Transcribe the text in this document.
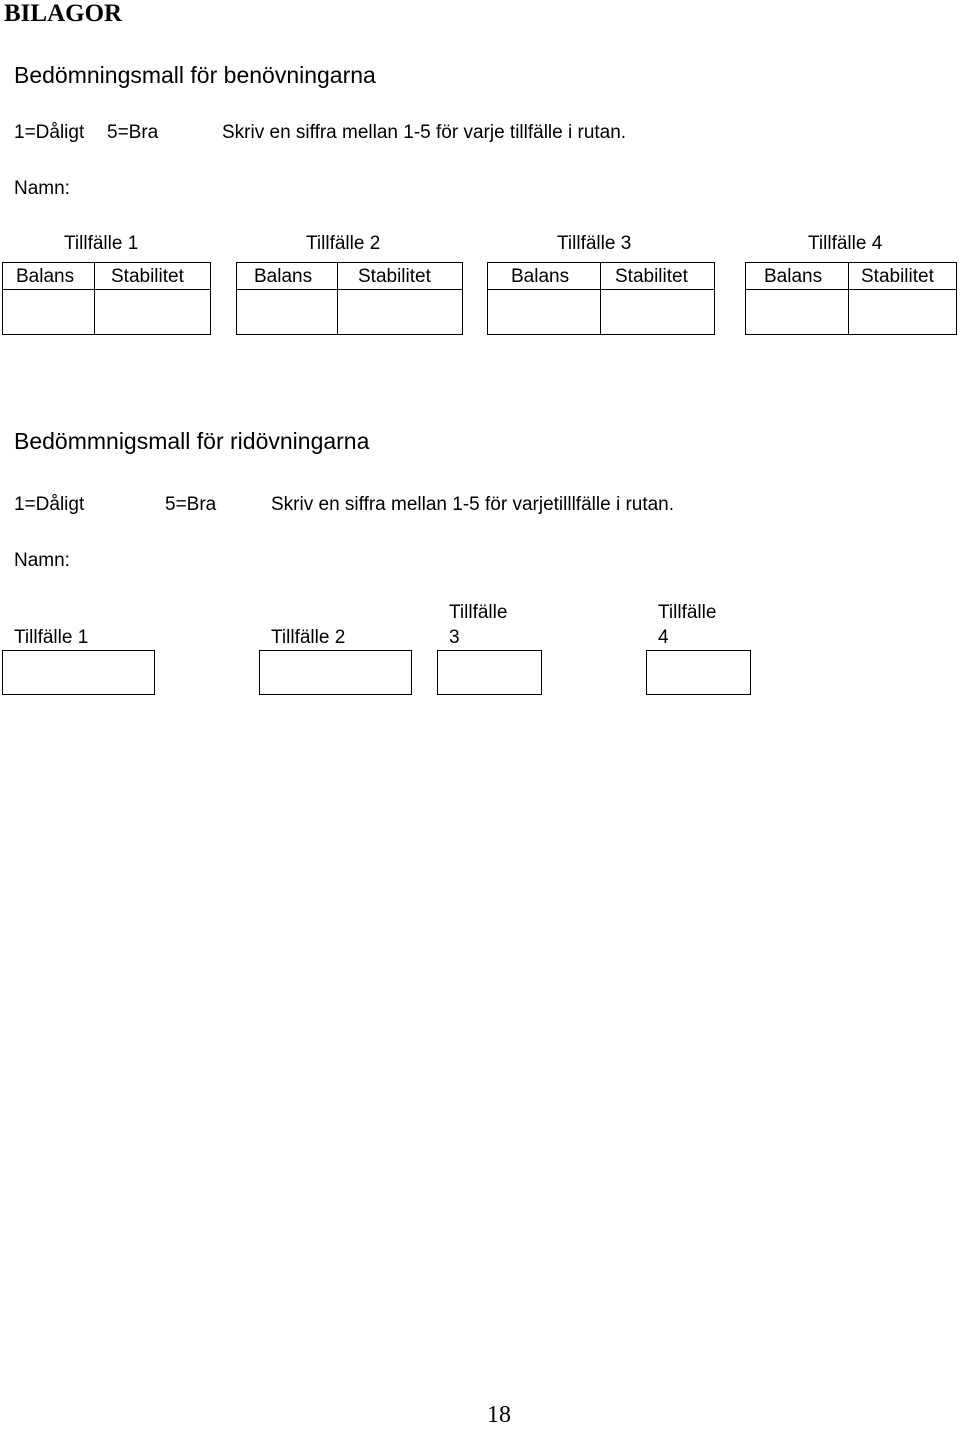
BILAGOR
Bedömningsmall för benövningarna
1=Dåligt 5=Bra	Skriv en siffra mellan 1-5 för varje tillfälle i rutan.
Namn:
Tillfälle 1	Tillfälle 2	Tillfälle 3	Tillfälle 4
Balans Stabilitet	Balans Stabilitet	Balans Stabilitet	Balans Stabilitet
Bedömmnigsmall för ridövningarna
1=Dåligt	5=Bra	Skriv en siffra mellan 1-5 för varjetilllfälle i rutan.
Namn:
Tillfälle 1	Tillfälle 2
Tillfälle
3
Tillfälle
4
18
